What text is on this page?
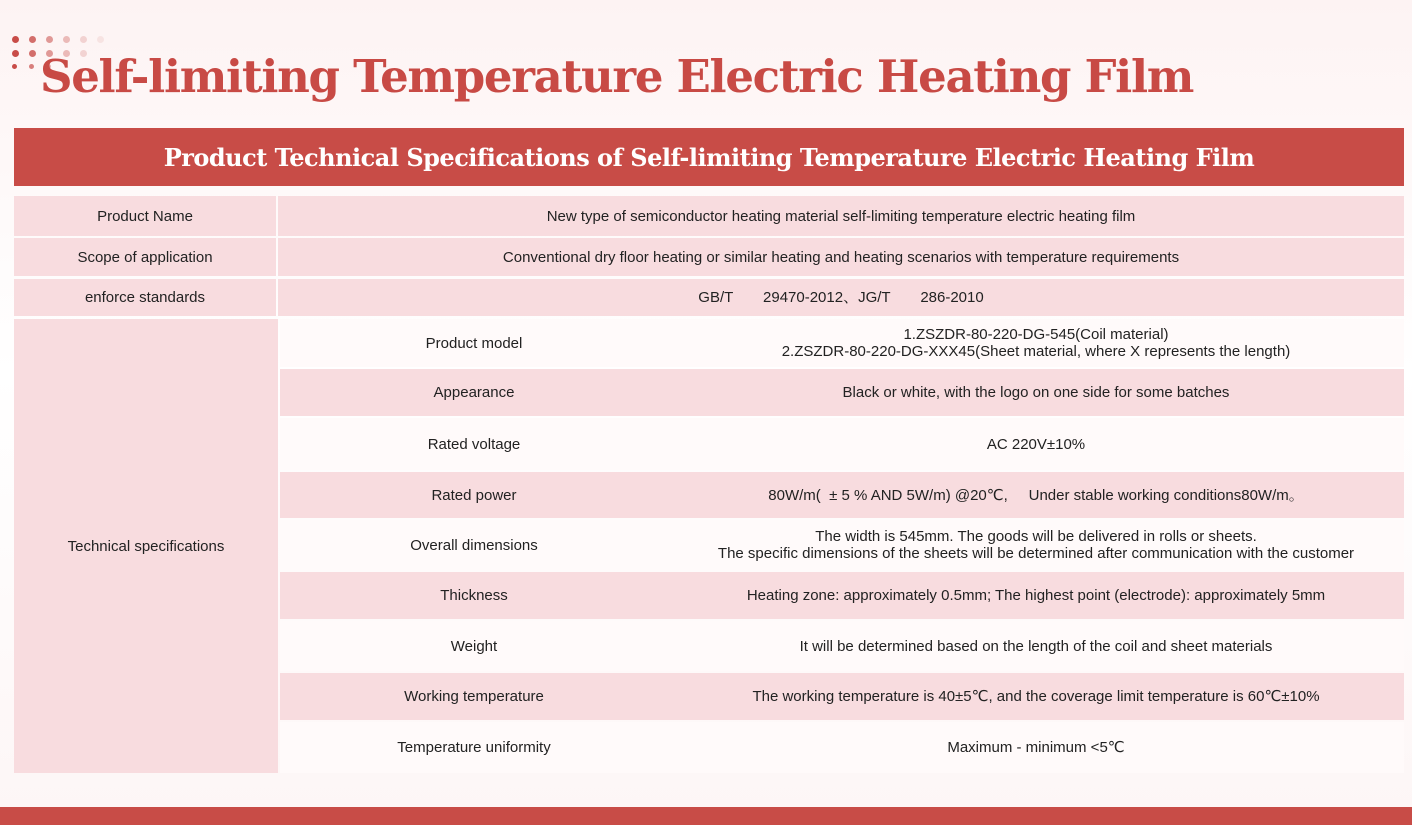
Self-limiting Temperature Electric Heating Film
Product Technical Specifications of Self-limiting Temperature Electric Heating Film
Product Name	New type of semiconductor heating material self-limiting temperature electric heating film
Scope of application	Conventional dry floor heating or similar heating and heating scenarios with temperature requirements
enforce standards	GB/T　　29470-2012、JG/T　　286-2010
Technical specifications
Product model	1.ZSZDR-80-220-DG-545(Coil material)
2.ZSZDR-80-220-DG-XXX45(Sheet material, where X represents the length)
Appearance	Black or white, with the logo on one side for some batches
Rated voltage	AC 220V±10%
Rated power	80W/m(  ± 5 % AND 5W/m) @20℃,     Under stable working conditions80W/m。
Overall dimensions	The width is 545mm. The goods will be delivered in rolls or sheets.
The specific dimensions of the sheets will be determined after communication with the customer
Thickness	Heating zone: approximately 0.5mm; The highest point (electrode): approximately 5mm
Weight	It will be determined based on the length of the coil and sheet materials
Working temperature	The working temperature is 40±5℃, and the coverage limit temperature is 60℃±10%
Temperature uniformity	Maximum - minimum <5℃
